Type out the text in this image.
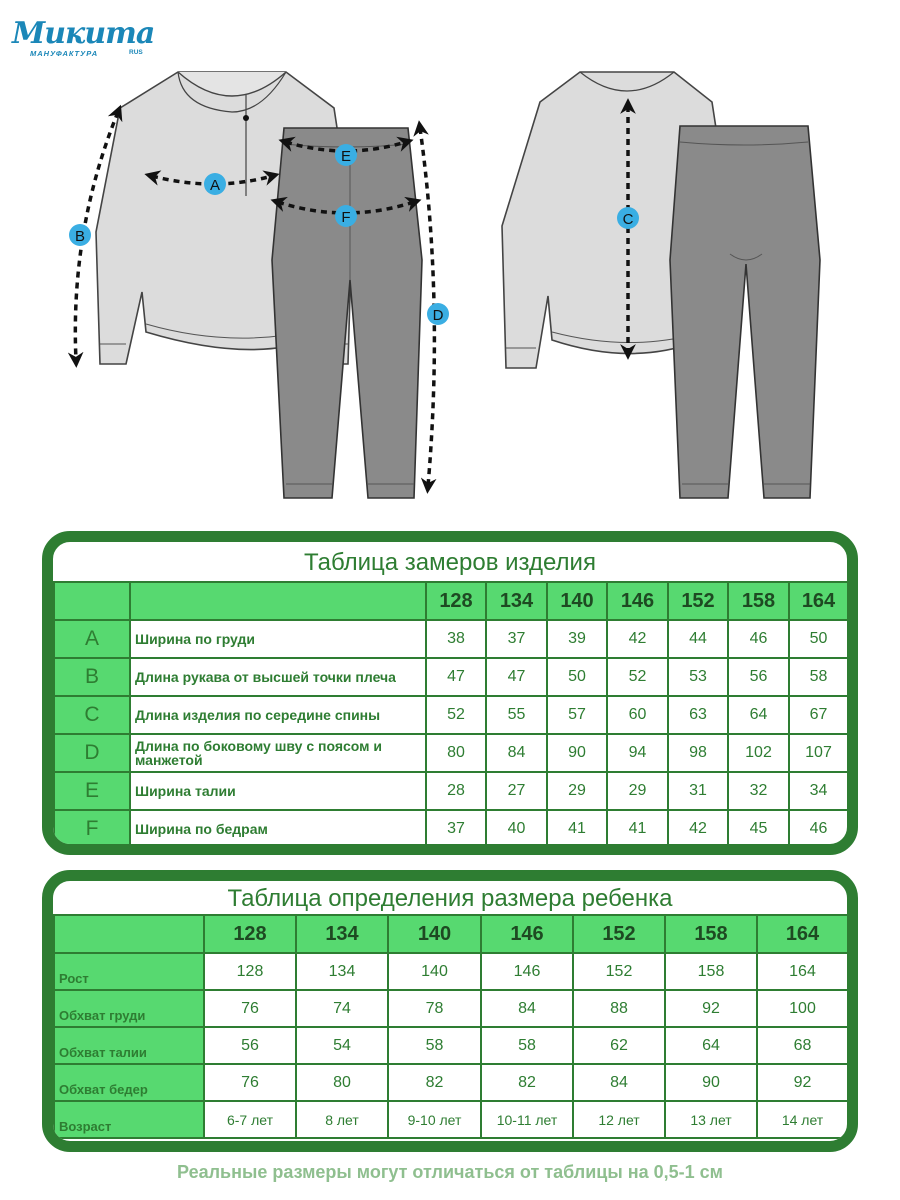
Микита
МАНУФАКТУРА	RUS
A
B
C
D
E
F
Таблица замеров изделия
		128	134	140	146	152	158	164
A	Ширина по груди	38	37	39	42	44	46	50
B	Длина рукава от высшей точки плеча	47	47	50	52	53	56	58
C	Длина изделия по середине спины	52	55	57	60	63	64	67
D	Длина по боковому шву с поясом и манжетой	80	84	90	94	98	102	107
E	Ширина талии	28	27	29	29	31	32	34
F	Ширина по бедрам	37	40	41	41	42	45	46
Таблица определения размера ребенка
	128	134	140	146	152	158	164
Рост	128	134	140	146	152	158	164
Обхват груди	76	74	78	84	88	92	100
Обхват талии	56	54	58	58	62	64	68
Обхват бедер	76	80	82	82	84	90	92
Возраст	6-7 лет	8 лет	9-10 лет	10-11 лет	12 лет	13 лет	14 лет
Реальные размеры могут отличаться от таблицы на 0,5-1 см
